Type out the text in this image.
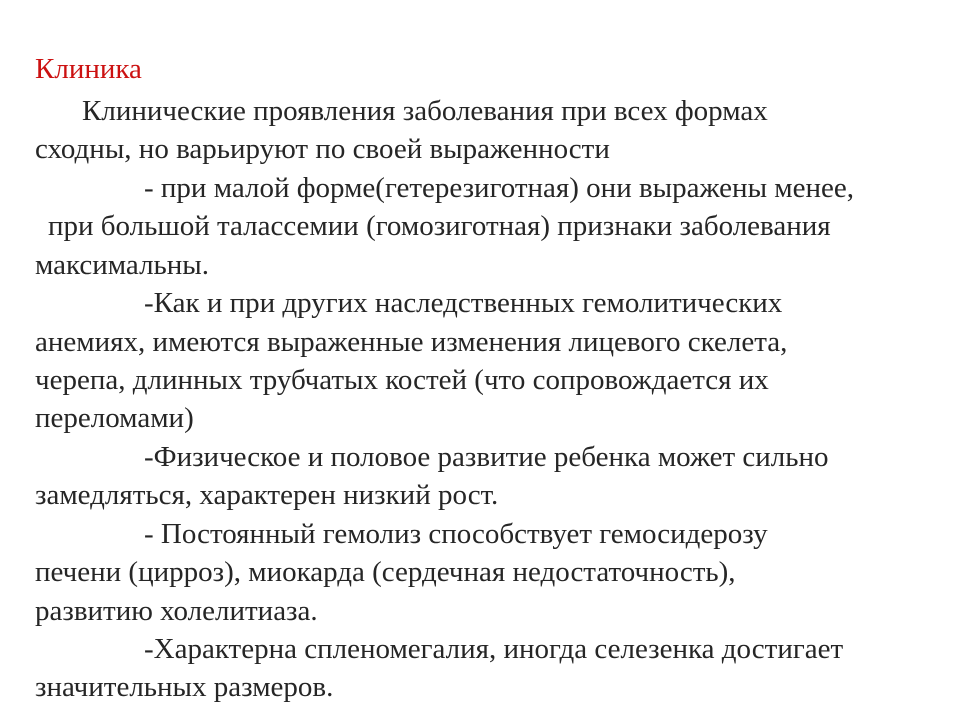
Клиника
Клинические проявления заболевания при всех формах
сходны, но варьируют по своей выраженности
- при малой форме(гетерезиготная) они выражены менее,
при большой талассемии (гомозиготная) признаки заболевания
максимальны.
-Как и при других наследственных гемолитических
анемиях, имеются выраженные изменения лицевого скелета,
черепа, длинных трубчатых костей (что сопровождается их
переломами)
-Физическое и половое развитие ребенка может сильно
замедляться, характерен низкий рост.
- Постоянный гемолиз способствует гемосидерозу
печени (цирроз), миокарда (сердечная недостаточность),
развитию холелитиаза.
-Характерна спленомегалия, иногда селезенка достигает
значительных размеров.
